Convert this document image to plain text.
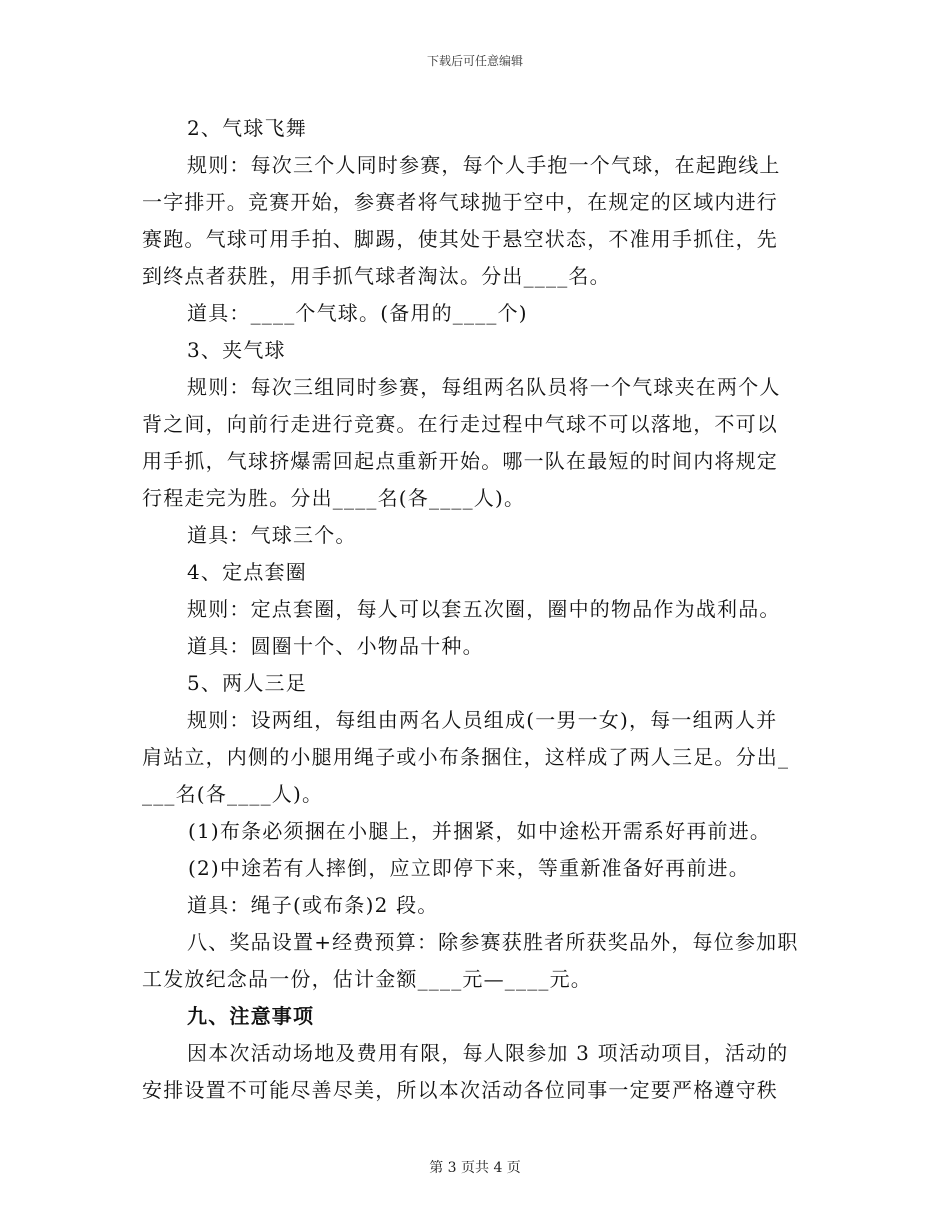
下载后可任意编辑
2、气球飞舞
规则：每次三个人同时参赛，每个人手抱一个气球，在起跑线上
一字排开。竞赛开始，参赛者将气球抛于空中，在规定的区域内进行
赛跑。气球可用手拍、脚踢，使其处于悬空状态，不准用手抓住，先
到终点者获胜，用手抓气球者淘汰。分出____名。
道具：____个气球。(备用的____个)
3、夹气球
规则：每次三组同时参赛，每组两名队员将一个气球夹在两个人
背之间，向前行走进行竞赛。在行走过程中气球不可以落地，不可以
用手抓，气球挤爆需回起点重新开始。哪一队在最短的时间内将规定
行程走完为胜。分出____名(各____人)。
道具：气球三个。
4、定点套圈
规则：定点套圈，每人可以套五次圈，圈中的物品作为战利品。
道具：圆圈十个、小物品十种。
5、两人三足
规则：设两组，每组由两名人员组成(一男一女)，每一组两人并
肩站立，内侧的小腿用绳子或小布条捆住，这样成了两人三足。分出_
___名(各____人)。
(1)布条必须捆在小腿上，并捆紧，如中途松开需系好再前进。
(2)中途若有人摔倒，应立即停下来，等重新准备好再前进。
道具：绳子(或布条)2 段。
八、奖品设置+经费预算：除参赛获胜者所获奖品外，每位参加职
工发放纪念品一份，估计金额____元—____元。
九、注意事项
因本次活动场地及费用有限，每人限参加 3 项活动项目，活动的
安排设置不可能尽善尽美，所以本次活动各位同事一定要严格遵守秩
第 3 页共 4 页
